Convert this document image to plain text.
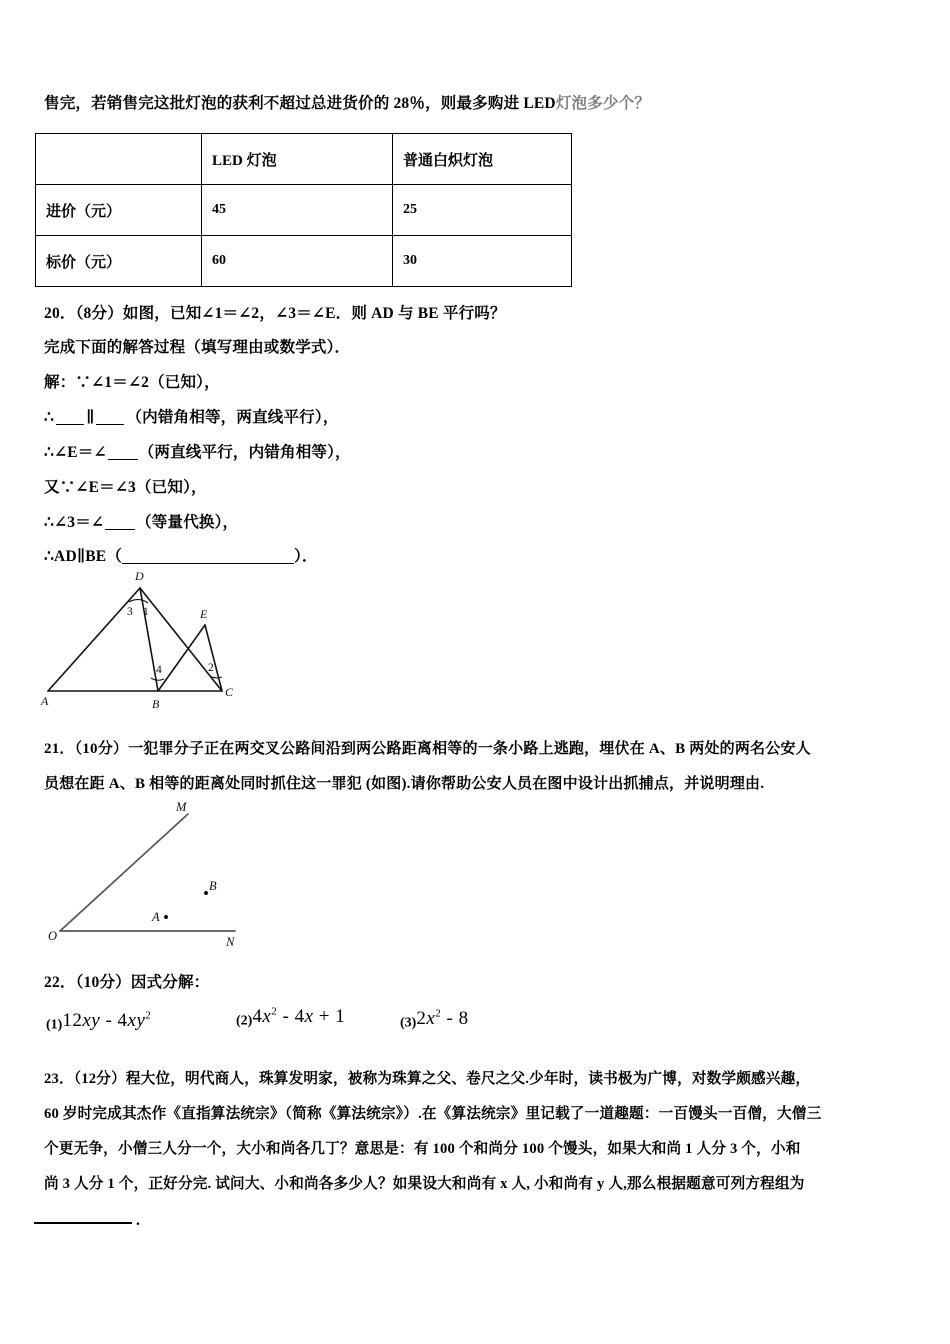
售完，若销售完这批灯泡的获利不超过总进货价的 28％，则最多购进 LED灯泡多少个？
	LED 灯泡	普通白炽灯泡
进价（元）	45	25
标价（元）	60	30
20．（8分）如图，已知∠1＝∠2，∠3＝∠E．则 AD 与 BE 平行吗？
完成下面的解答过程（填写理由或数学式）．
解：∵∠1＝∠2（已知），
∴ ∥ （内错角相等，两直线平行），
∴∠E＝∠ （两直线平行，内错角相等），
又∵∠E＝∠3（已知），
∴∠3＝∠ （等量代换），
∴AD∥BE（	）．
D
E
A	B
C
3 1
4	2
21．（10分）一犯罪分子正在两交叉公路间沿到两公路距离相等的一条小路上逃跑，埋伏在 A、B 两处的两名公安人
员想在距 A、B 相等的距离处同时抓住这一罪犯 (如图).请你帮助公安人员在图中设计出抓捕点，并说明理由.
O
M
N
A
B
22．（10分）因式分解：
$(1)12xy - 4xy^2$	$(2)4x^2 - 4x + 1$	$(3)2x^2 - 8$
23．（12分）程大位，明代商人，珠算发明家，被称为珠算之父、卷尺之父.少年时，读书极为广博，对数学颇感兴趣，
60 岁时完成其杰作《直指算法统宗》（简称《算法统宗》）.在《算法统宗》里记载了一道趣题：一百馒头一百僧，大僧三
个更无争，小僧三人分一个，大小和尚各几丁？意思是：有 100 个和尚分 100 个馒头，如果大和尚 1 人分 3 个，小和
尚 3 人分 1 个，正好分完. 试问大、小和尚各多少人？如果设大和尚有 x 人, 小和尚有 y 人,那么根据题意可列方程组为
.
